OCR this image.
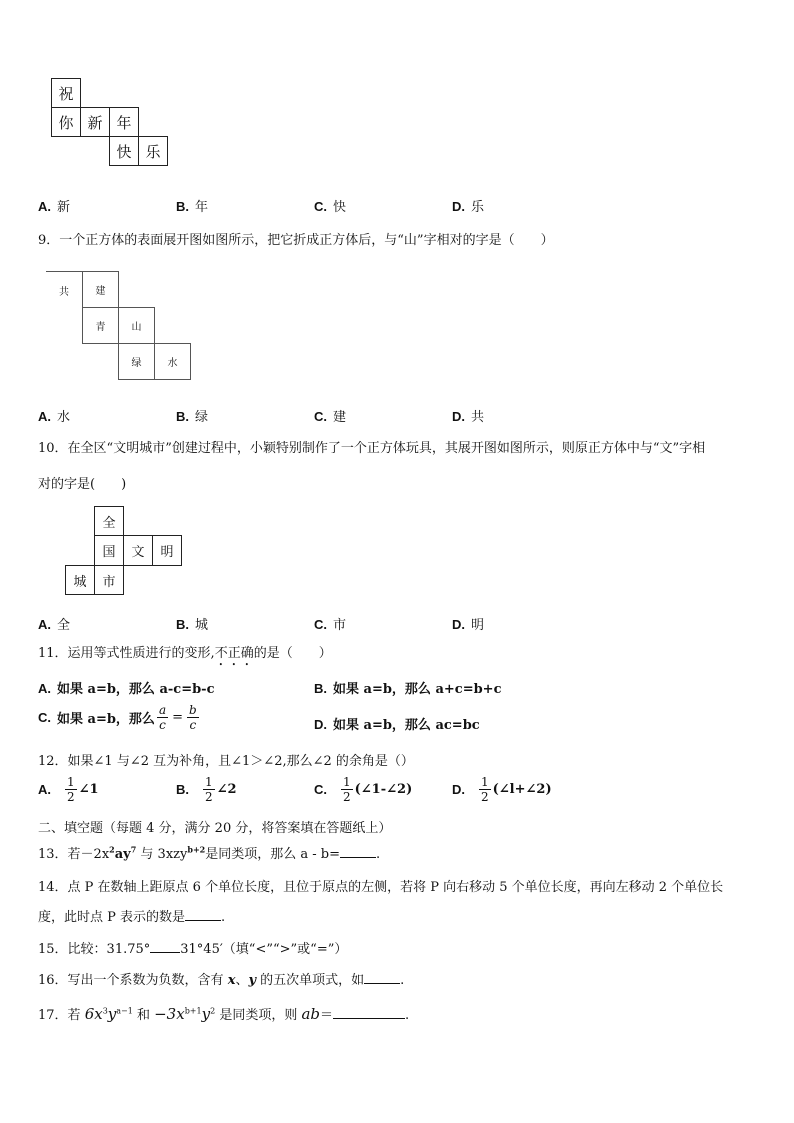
祝
你 新 年
快 乐
A. 新	B. 年	C. 快	D. 乐
9．一个正方体的表面展开图如图所示，把它折成正方体后，与“山”字相对的字是（　　）
共	建
青	山
绿	水
A. 水	B. 绿	C. 建	D. 共
10．在全区“文明城市”创建过程中，小颖特别制作了一个正方体玩具，其展开图如图所示，则原正方体中与“文”字相
对的字是(　　)
全
国 文 明
城 市
A. 全	B. 城	C. 市	D. 明
11．运用等式性质进行的变形,不正确的是（　　）
A. 如果 a=b，那么 a-c=b-c	B. 如果 a=b，那么 a+c=b+c
C. 如果 a=b，那么 $\frac{a}{c} = \frac{b}{c}$	D. 如果 a=b，那么 ac=bc
12．如果∠1 与∠2 互为补角，且∠1＞∠2,那么∠2 的余角是（）
A. $\frac{1}{2}$ ∠1	B. $\frac{1}{2}$ ∠2	C. $\frac{1}{2}$ (∠1-∠2)	D. $\frac{1}{2}$ (∠l+∠2)
二、填空题（每题 4 分，满分 20 分，将答案填在答题纸上）
13．若$-2x^2ay^7$ 与 3xzy$^{b+2}$是同类项，那么 a - b=	.
14．点 P 在数轴上距原点 6 个单位长度，且位于原点的左侧，若将 P 向右移动 5 个单位长度，再向左移动 2 个单位长
度，此时点 P 表示的数是	.
15．比较：31.75° 31°45′（填“<”“>”或“=”）
16．写出一个系数为负数，含有 x、y 的五次单项式，如	.
17．若 $6x^3y^{a-1}$ 和 $-3x^{b+1}y^2$ 是同类项，则 ab＝	.
